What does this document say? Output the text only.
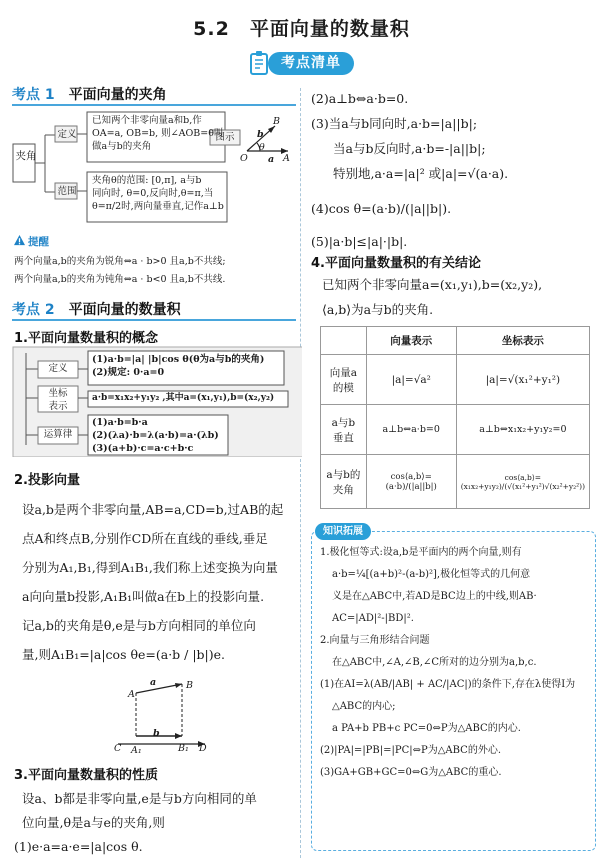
5.2　平面向量的数量积
考点清单
考点 1 平面向量的夹角
夹角
定义
范围
已知两个非零向量a和b,作
OA=a, OB=b, 则∠AOB=θ叫
做a与b的夹角
图示
B
b
O
θ
a A
夹角θ的范围: [0,π], a与b
同向时, θ=0,反向时,θ=π,当
θ=π/2时,两向量垂直,记作a⊥b
提醒
两个向量a,b的夹角为锐角⇔a · b>0 且a,b不共线;
两个向量a,b的夹角为钝角⇔a · b<0 且a,b不共线.
考点 2 平面向量的数量积
1.平面向量数量积的概念
定义
坐标
表示
运算律
(1)a·b=|a| |b|cos θ(θ为a与b的夹角)
(2)规定: 0·a=0
a·b=x₁x₂+y₁y₂ ,其中a=(x₁,y₁),b=(x₂,y₂)
(1)a·b=b·a
(2)(λa)·b=λ(a·b)=a·(λb)
(3)(a+b)·c=a·c+b·c
2.投影向量
设a,b是两个非零向量,AB=a,CD=b,过AB的起
点A和终点B,分别作CD所在直线的垂线,垂足
分别为A₁,B₁,得到A₁B₁,我们称上述变换为向量
a向向量b投影,A₁B₁叫做a在b上的投影向量.
记a,b的夹角是θ,e是与b方向相同的单位向
量,则A₁B₁=|a|cos θe=(a·b / |b|)e.
A
a	B
b
C A₁	B₁ D
3.平面向量数量积的性质
设a、b都是非零向量,e是与b方向相同的单
位向量,θ是a与e的夹角,则
(1)e·a=a·e=|a|cos θ.
(2)a⊥b⇔a·b=0.
(3)当a与b同向时,a·b=|a||b|;
当a与b反向时,a·b=-|a||b|;
特别地,a·a=|a|² 或|a|=√(a·a).
(4)cos θ=(a·b)/(|a||b|).
(5)|a·b|≤|a|·|b|.
4.平面向量数量积的有关结论
已知两个非零向量a=(x₁,y₁),b=(x₂,y₂),
⟨a,b⟩为a与b的夹角.
	向量表示	坐标表示

向量a
的模	|a|=√a²	|a|=√(x₁²+y₁²)

a与b
垂直	a⊥b⇔a·b=0	a⊥b⇔x₁x₂+y₁y₂=0

a与b的
夹角	cos⟨a,b⟩=(a·b)/(|a||b|)	cos⟨a,b⟩=(x₁x₂+y₁y₂)/(√(x₁²+y₁²)√(x₂²+y₂²))

1.极化恒等式:设a,b是平面内的两个向量,则有

a·b=¼[(a+b)²-(a-b)²],极化恒等式的几何意

义是在△ABC中,若AD是BC边上的中线,则AB·

AC=|AD|²-|BD|².

2.向量与三角形结合问题

在△ABC中,∠A,∠B,∠C所对的边分别为a,b,c.

(1)在AI=λ(AB/|AB| + AC/|AC|)的条件下,存在λ使得I为

△ABC的内心;

a PA+b PB+c PC=0⇔P为△ABC的内心.

(2)|PA|=|PB|=|PC|⇔P为△ABC的外心.

(3)GA+GB+GC=0⇔G为△ABC的重心.

知识拓展
